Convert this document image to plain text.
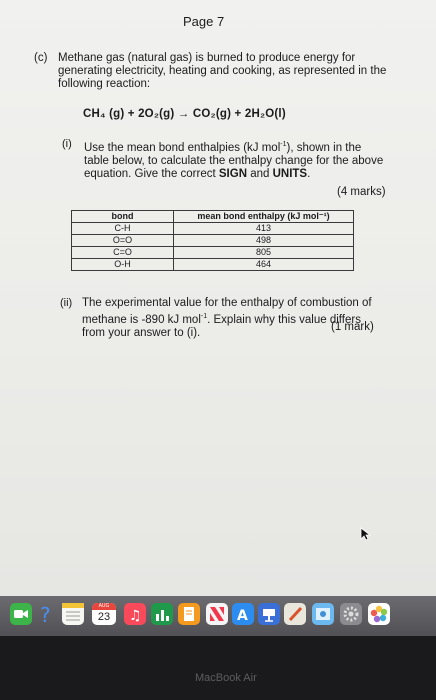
Page 7
(c) Methane gas (natural gas) is burned to produce energy for generating electricity, heating and cooking, as represented in the following reaction:
CH₄ (g) + 2O₂(g) → CO₂(g) + 2H₂O(l)
(i) Use the mean bond enthalpies (kJ mol$^{-1}$), shown in the table below, to calculate the enthalpy change for the above equation. Give the correct SIGN and UNITS.
(4 marks)
bond	mean bond enthalpy (kJ mol⁻¹)
C-H	413
O=O	498
C=O	805
O-H	464
(ii) The experimental value for the enthalpy of combustion of methane is -890 kJ mol$^{-1}$. Explain why this value differs from your answer to (i).	(1 mark)
?	AUG
23	♫	A
MacBook Air
